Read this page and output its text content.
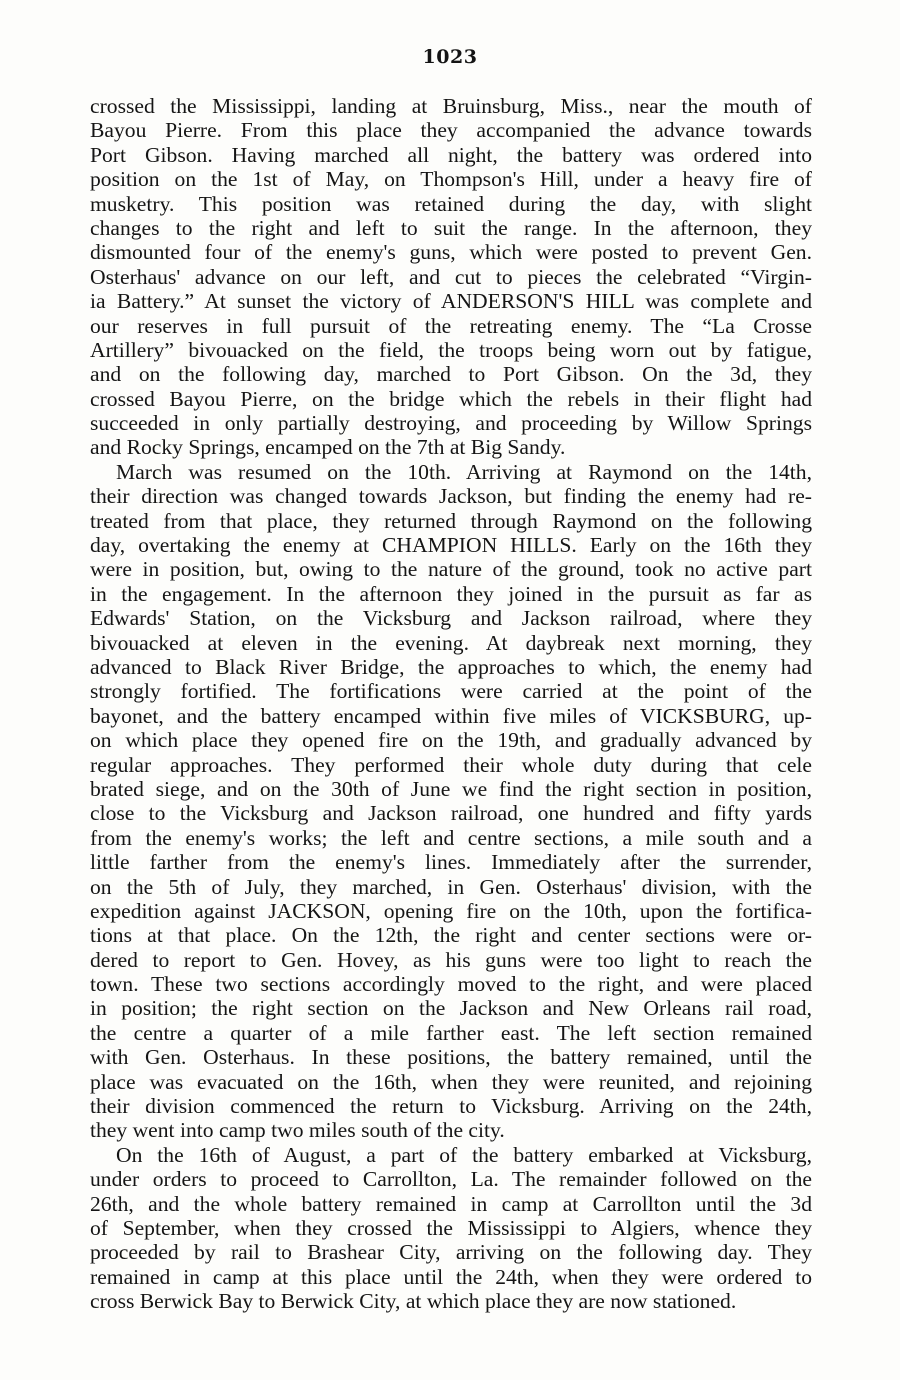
1023
crossed the Mississippi, landing at Bruinsburg, Miss., near the mouth of
Bayou Pierre. From this place they accompanied the advance towards
Port Gibson. Having marched all night, the battery was ordered into
position on the 1st of May, on Thompson's Hill, under a heavy fire of
musketry. This position was retained during the day, with slight
changes to the right and left to suit the range. In the afternoon, they
dismounted four of the enemy's guns, which were posted to prevent Gen.
Osterhaus' advance on our left, and cut to pieces the celebrated “Virgin-
ia Battery.” At sunset the victory of ANDERSON'S HILL was complete and
our reserves in full pursuit of the retreating enemy. The “La Crosse
Artillery” bivouacked on the field, the troops being worn out by fatigue,
and on the following day, marched to Port Gibson. On the 3d, they
crossed Bayou Pierre, on the bridge which the rebels in their flight had
succeeded in only partially destroying, and proceeding by Willow Springs
and Rocky Springs, encamped on the 7th at Big Sandy.
March was resumed on the 10th. Arriving at Raymond on the 14th,
their direction was changed towards Jackson, but finding the enemy had re-
treated from that place, they returned through Raymond on the following
day, overtaking the enemy at CHAMPION HILLS. Early on the 16th they
were in position, but, owing to the nature of the ground, took no active part
in the engagement. In the afternoon they joined in the pursuit as far as
Edwards' Station, on the Vicksburg and Jackson railroad, where they
bivouacked at eleven in the evening. At daybreak next morning, they
advanced to Black River Bridge, the approaches to which, the enemy had
strongly fortified. The fortifications were carried at the point of the
bayonet, and the battery encamped within five miles of VICKSBURG, up-
on which place they opened fire on the 19th, and gradually advanced by
regular approaches. They performed their whole duty during that cele
brated siege, and on the 30th of June we find the right section in position,
close to the Vicksburg and Jackson railroad, one hundred and fifty yards
from the enemy's works; the left and centre sections, a mile south and a
little farther from the enemy's lines. Immediately after the surrender,
on the 5th of July, they marched, in Gen. Osterhaus' division, with the
expedition against JACKSON, opening fire on the 10th, upon the fortifica-
tions at that place. On the 12th, the right and center sections were or-
dered to report to Gen. Hovey, as his guns were too light to reach the
town. These two sections accordingly moved to the right, and were placed
in position; the right section on the Jackson and New Orleans rail road,
the centre a quarter of a mile farther east. The left section remained
with Gen. Osterhaus. In these positions, the battery remained, until the
place was evacuated on the 16th, when they were reunited, and rejoining
their division commenced the return to Vicksburg. Arriving on the 24th,
they went into camp two miles south of the city.
On the 16th of August, a part of the battery embarked at Vicksburg,
under orders to proceed to Carrollton, La. The remainder followed on the
26th, and the whole battery remained in camp at Carrollton until the 3d
of September, when they crossed the Mississippi to Algiers, whence they
proceeded by rail to Brashear City, arriving on the following day. They
remained in camp at this place until the 24th, when they were ordered to
cross Berwick Bay to Berwick City, at which place they are now stationed.
